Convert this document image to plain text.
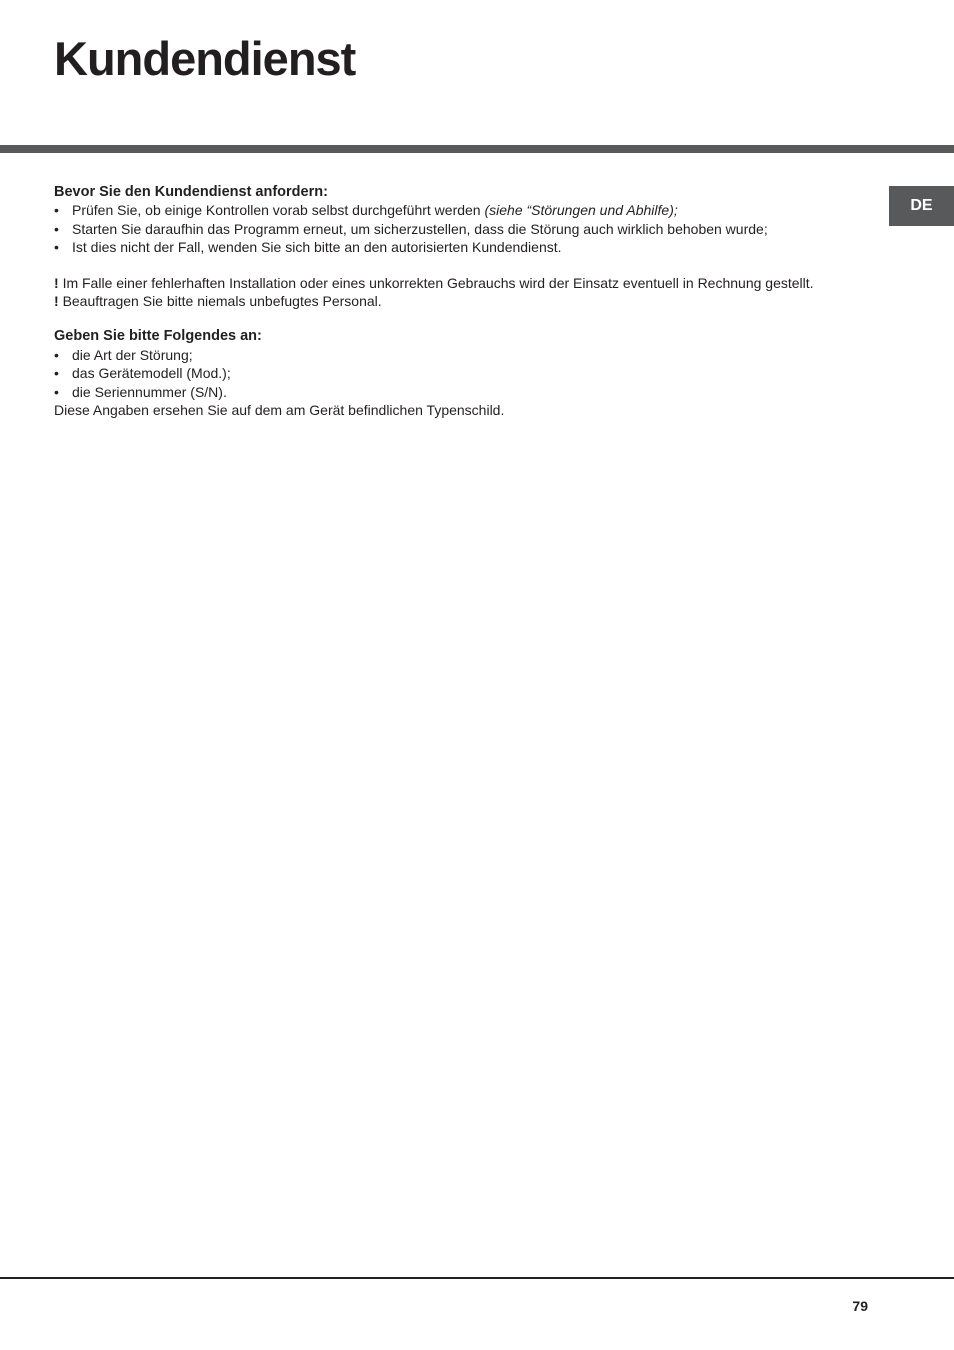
Kundendienst
DE
Bevor Sie den Kundendienst anfordern:
• Prüfen Sie, ob einige Kontrollen vorab selbst durchgeführt werden (siehe “Störungen und Abhilfe);
• Starten Sie daraufhin das Programm erneut, um sicherzustellen, dass die Störung auch wirklich behoben wurde;
• Ist dies nicht der Fall, wenden Sie sich bitte an den autorisierten Kundendienst.

! Im Falle einer fehlerhaften Installation oder eines unkorrekten Gebrauchs wird der Einsatz eventuell in Rechnung gestellt.

! Beauftragen Sie bitte niemals unbefugtes Personal.

Geben Sie bitte Folgendes an:
• die Art der Störung;
• das Gerätemodell (Mod.);
• die Seriennummer (S/N).

Diese Angaben ersehen Sie auf dem am Gerät befindlichen Typenschild.

79
